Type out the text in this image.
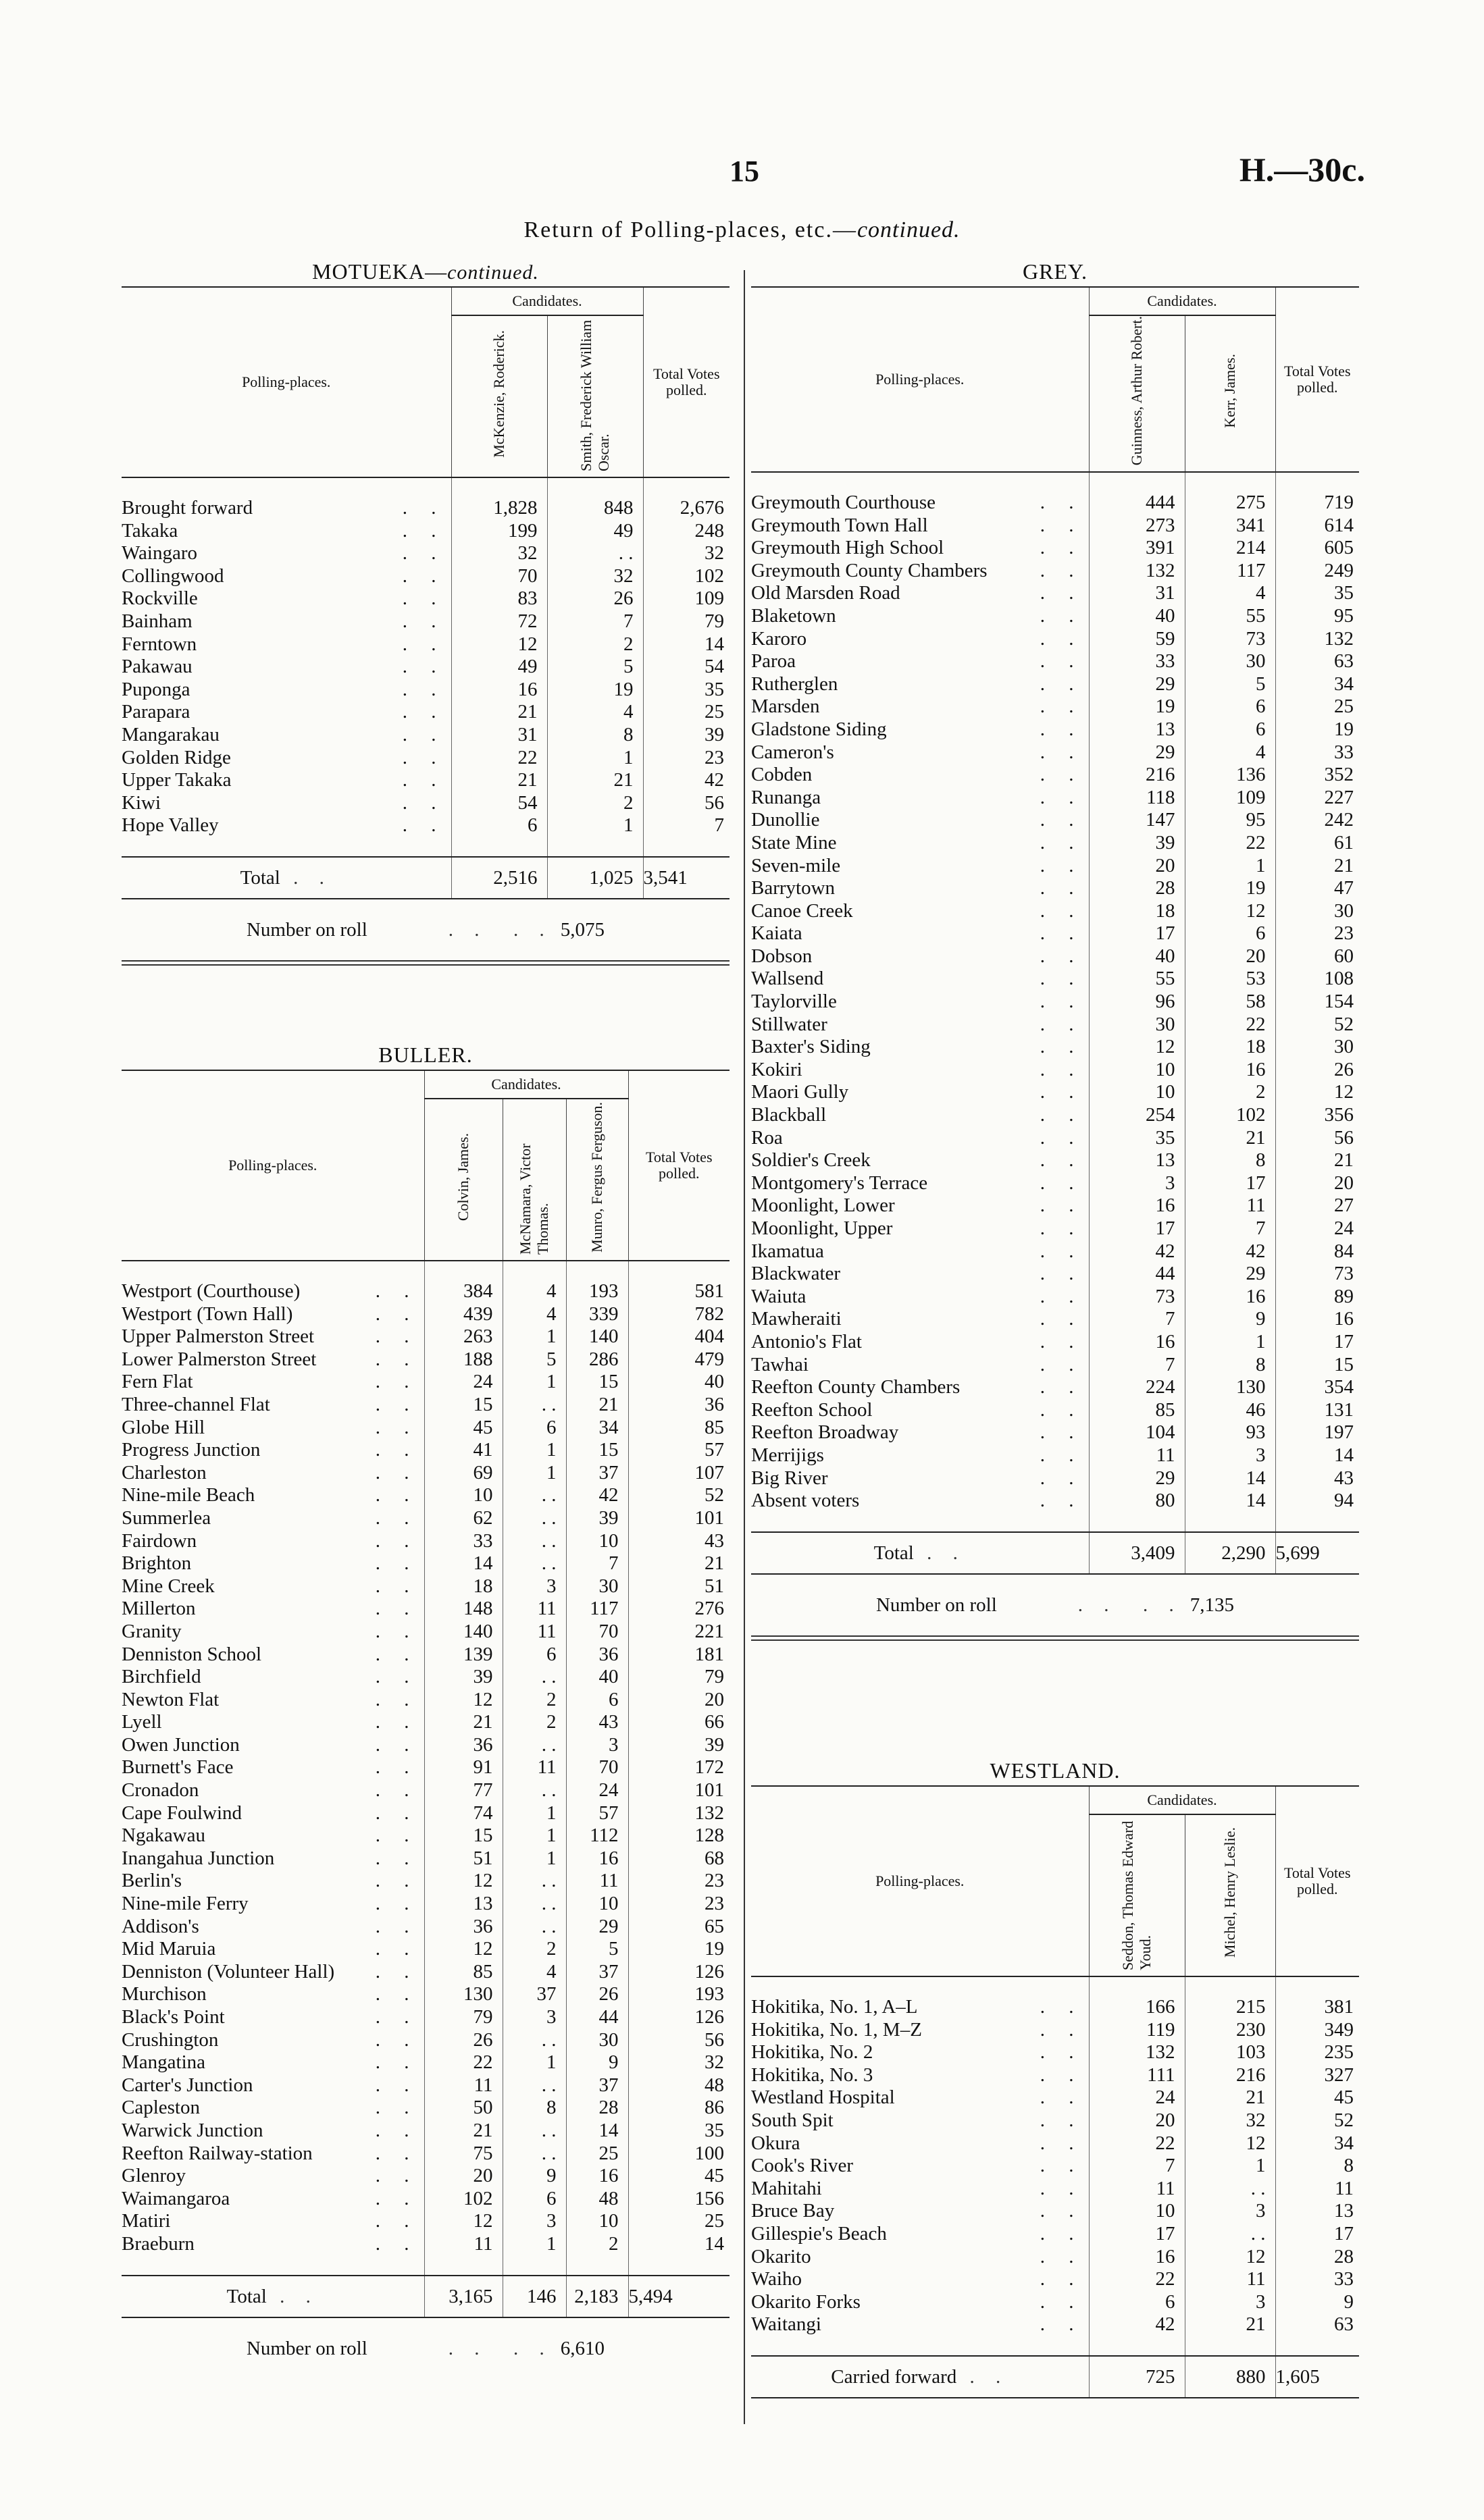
15	H.—30c.
Return of Polling-places, etc.—continued.
MOTUEKA—continued.
Polling-places.	Candidates.		Total Votes polled.
	McKenzie, Roderick.	Smith, Frederick William Oscar.	

Brought forward . .	1,828	848	2,676
Takaka . .	199	49	248
Waingaro . .	32	. .	32
Collingwood . .	70	32	102
Rockville . .	83	26	109
Bainham . .	72	7	79
Ferntown . .	12	2	14
Pakawau . .	49	5	54
Puponga . .	16	19	35
Parapara . .	21	4	25
Mangarakau . .	31	8	39
Golden Ridge . .	22	1	23
Upper Takaka . .	21	21	42
Kiwi . .	54	2	56
Hope Valley . .	6	1	7

Total . .	2,516	1,025	3,541
Number on roll	. .  . . 5,075
BULLER.
Polling-places.	Candidates.			Total Votes polled.
	Colvin, James.	McNamara, Victor Thomas.	Munro, Fergus Ferguson.	

Westport (Courthouse) . .	384	4	193	581
Westport (Town Hall) . .	439	4	339	782
Upper Palmerston Street . .	263	1	140	404
Lower Palmerston Street . .	188	5	286	479
Fern Flat . .	24	1	15	40
Three-channel Flat . .	15	. .	21	36
Globe Hill . .	45	6	34	85
Progress Junction . .	41	1	15	57
Charleston . .	69	1	37	107
Nine-mile Beach . .	10	. .	42	52
Summerlea . .	62	. .	39	101
Fairdown . .	33	. .	10	43
Brighton . .	14	. .	7	21
Mine Creek . .	18	3	30	51
Millerton . .	148	11	117	276
Granity . .	140	11	70	221
Denniston School . .	139	6	36	181
Birchfield . .	39	. .	40	79
Newton Flat . .	12	2	6	20
Lyell . .	21	2	43	66
Owen Junction . .	36	. .	3	39
Burnett's Face . .	91	11	70	172
Cronadon . .	77	. .	24	101
Cape Foulwind . .	74	1	57	132
Ngakawau . .	15	1	112	128
Inangahua Junction . .	51	1	16	68
Berlin's . .	12	. .	11	23
Nine-mile Ferry . .	13	. .	10	23
Addison's . .	36	. .	29	65
Mid Maruia . .	12	2	5	19
Denniston (Volunteer Hall) . .	85	4	37	126
Murchison . .	130	37	26	193
Black's Point . .	79	3	44	126
Crushington . .	26	. .	30	56
Mangatina . .	22	1	9	32
Carter's Junction . .	11	. .	37	48
Capleston . .	50	8	28	86
Warwick Junction . .	21	. .	14	35
Reefton Railway-station . .	75	. .	25	100
Glenroy . .	20	9	16	45
Waimangaroa . .	102	6	48	156
Matiri . .	12	3	10	25
Braeburn . .	11	1	2	14

Total . .	3,165	146	2,183	5,494
Number on roll	. .  . . 6,610
GREY.
Polling-places.	Candidates.		Total Votes polled.
	Guinness, Arthur Robert.	Kerr, James.	

Greymouth Courthouse . .	444	275	719
Greymouth Town Hall . .	273	341	614
Greymouth High School . .	391	214	605
Greymouth County Chambers . .	132	117	249
Old Marsden Road . .	31	4	35
Blaketown . .	40	55	95
Karoro . .	59	73	132
Paroa . .	33	30	63
Rutherglen . .	29	5	34
Marsden . .	19	6	25
Gladstone Siding . .	13	6	19
Cameron's . .	29	4	33
Cobden . .	216	136	352
Runanga . .	118	109	227
Dunollie . .	147	95	242
State Mine . .	39	22	61
Seven-mile . .	20	1	21
Barrytown . .	28	19	47
Canoe Creek . .	18	12	30
Kaiata . .	17	6	23
Dobson . .	40	20	60
Wallsend . .	55	53	108
Taylorville . .	96	58	154
Stillwater . .	30	22	52
Baxter's Siding . .	12	18	30
Kokiri . .	10	16	26
Maori Gully . .	10	2	12
Blackball . .	254	102	356
Roa . .	35	21	56
Soldier's Creek . .	13	8	21
Montgomery's Terrace . .	3	17	20
Moonlight, Lower . .	16	11	27
Moonlight, Upper . .	17	7	24
Ikamatua . .	42	42	84
Blackwater . .	44	29	73
Waiuta . .	73	16	89
Mawheraiti . .	7	9	16
Antonio's Flat . .	16	1	17
Tawhai . .	7	8	15
Reefton County Chambers . .	224	130	354
Reefton School . .	85	46	131
Reefton Broadway . .	104	93	197
Merrijigs . .	11	3	14
Big River . .	29	14	43
Absent voters . .	80	14	94

Total . .	3,409	2,290	5,699
Number on roll	. .  . . 7,135
WESTLAND.
Polling-places.	Candidates.		Total Votes polled.
	Seddon, Thomas Edward Youd.	Michel, Henry Leslie.	

Hokitika, No. 1, A–L . .	166	215	381
Hokitika, No. 1, M–Z . .	119	230	349
Hokitika, No. 2 . .	132	103	235
Hokitika, No. 3 . .	111	216	327
Westland Hospital . .	24	21	45
South Spit . .	20	32	52
Okura . .	22	12	34
Cook's River . .	7	1	8
Mahitahi . .	11	. .	11
Bruce Bay . .	10	3	13
Gillespie's Beach . .	17	. .	17
Okarito . .	16	12	28
Waiho . .	22	11	33
Okarito Forks . .	6	3	9
Waitangi . .	42	21	63

Carried forward . .	725	880	1,605
